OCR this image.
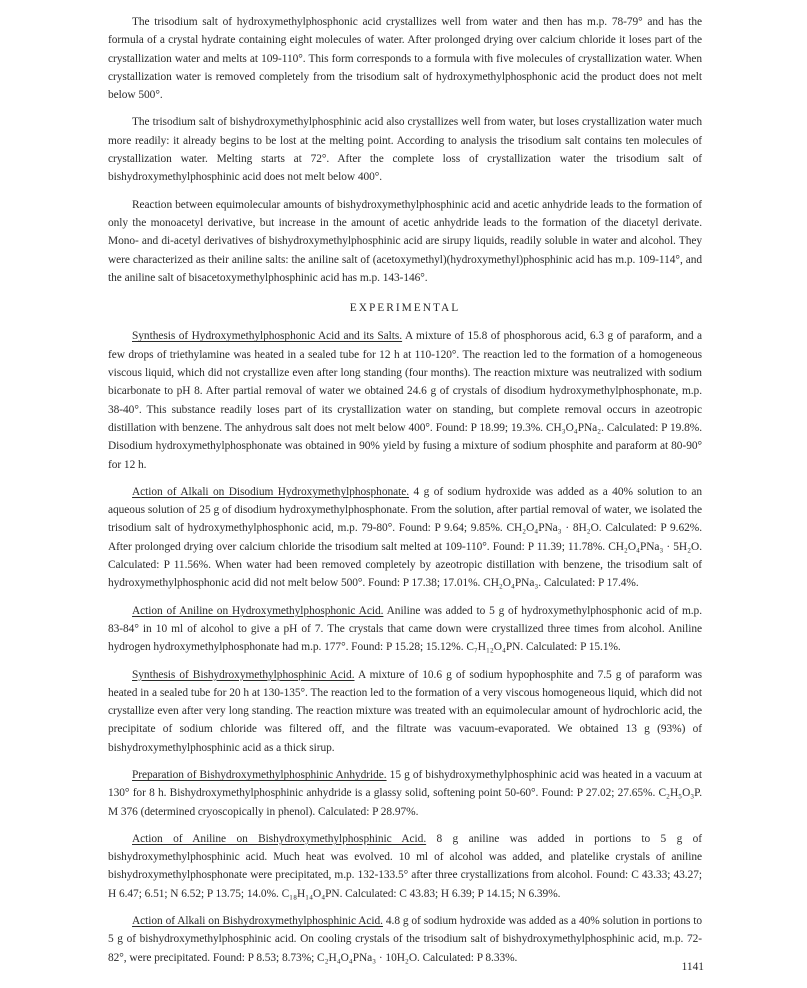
The trisodium salt of hydroxymethylphosphonic acid crystallizes well from water and then has m.p. 78-79° and has the formula of a crystal hydrate containing eight molecules of water. After prolonged drying over calcium chloride it loses part of the crystallization water and melts at 109-110°. This form corresponds to a formula with five molecules of crystallization water. When crystallization water is removed completely from the trisodium salt of hydroxymethylphosphonic acid the product does not melt below 500°.

The trisodium salt of bishydroxymethylphosphinic acid also crystallizes well from water, but loses crystallization water much more readily: it already begins to be lost at the melting point. According to analysis the trisodium salt contains ten molecules of crystallization water. Melting starts at 72°. After the complete loss of crystallization water the trisodium salt of bishydroxymethylphosphinic acid does not melt below 400°.

Reaction between equimolecular amounts of bishydroxymethylphosphinic acid and acetic anhydride leads to the formation of only the monoacetyl derivative, but increase in the amount of acetic anhydride leads to the formation of the diacetyl derivate. Mono- and di-acetyl derivatives of bishydroxymethylphosphinic acid are sirupy liquids, readily soluble in water and alcohol. They were characterized as their aniline salts: the aniline salt of (acetoxymethyl)(hydroxymethyl)phosphinic acid has m.p. 109-114°, and the aniline salt of bisacetoxymethylphosphinic acid has m.p. 143-146°.

EXPERIMENTAL

Synthesis of Hydroxymethylphosphonic Acid and its Salts. A mixture of 15.8 of phosphorous acid, 6.3 g of paraform, and a few drops of triethylamine was heated in a sealed tube for 12 h at 110-120°. The reaction led to the formation of a homogeneous viscous liquid, which did not crystallize even after long standing (four months). The reaction mixture was neutralized with sodium bicarbonate to pH 8. After partial removal of water we obtained 24.6 g of crystals of disodium hydroxymethylphosphonate, m.p. 38-40°. This substance readily loses part of its crystallization water on standing, but complete removal occurs in azeotropic distillation with benzene. The anhydrous salt does not melt below 400°. Found: P 18.99; 19.3%. CH₃O₄PNa₂. Calculated: P 19.8%. Disodium hydroxymethylphosphonate was obtained in 90% yield by fusing a mixture of sodium phosphite and paraform at 80-90° for 12 h.

Action of Alkali on Disodium Hydroxymethylphosphonate. 4 g of sodium hydroxide was added as a 40% solution to an aqueous solution of 25 g of disodium hydroxymethylphosphonate. From the solution, after partial removal of water, we isolated the trisodium salt of hydroxymethylphosphonic acid, m.p. 79-80°. Found: P 9.64; 9.85%. CH₂O₄PNa₃ · 8H₂O. Calculated: P 9.62%. After prolonged drying over calcium chloride the trisodium salt melted at 109-110°. Found: P 11.39; 11.78%. CH₂O₄PNa₃ · 5H₂O. Calculated: P 11.56%. When water had been removed completely by azeotropic distillation with benzene, the trisodium salt of hydroxymethylphosphonic acid did not melt below 500°. Found: P 17.38; 17.01%. CH₂O₄PNa₃. Calculated: P 17.4%.

Action of Aniline on Hydroxymethylphosphonic Acid. Aniline was added to 5 g of hydroxymethylphosphonic acid of m.p. 83-84° in 10 ml of alcohol to give a pH of 7. The crystals that came down were crystallized three times from alcohol. Aniline hydrogen hydroxymethylphosphonate had m.p. 177°. Found: P 15.28; 15.12%. C₇H₁₂O₄PN. Calculated: P 15.1%.

Synthesis of Bishydroxymethylphosphinic Acid. A mixture of 10.6 g of sodium hypophosphite and 7.5 g of paraform was heated in a sealed tube for 20 h at 130-135°. The reaction led to the formation of a very viscous homogeneous liquid, which did not crystallize even after very long standing. The reaction mixture was treated with an equimolecular amount of hydrochloric acid, the precipitate of sodium chloride was filtered off, and the filtrate was vacuum-evaporated. We obtained 13 g (93%) of bishydroxymethylphosphinic acid as a thick sirup.

Preparation of Bishydroxymethylphosphinic Anhydride. 15 g of bishydroxymethylphosphinic acid was heated in a vacuum at 130° for 8 h. Bishydroxymethylphosphinic anhydride is a glassy solid, softening point 50-60°. Found: P 27.02; 27.65%. C₂H₅O₃P. M 376 (determined cryoscopically in phenol). Calculated: P 28.97%.

Action of Aniline on Bishydroxymethylphosphinic Acid. 8 g aniline was added in portions to 5 g of bishydroxymethylphosphinic acid. Much heat was evolved. 10 ml of alcohol was added, and platelike crystals of aniline bishydroxymethylphosphonate were precipitated, m.p. 132-133.5° after three crystallizations from alcohol. Found: C 43.33; 43.27; H 6.47; 6.51; N 6.52; P 13.75; 14.0%. C₁₈H₁₄O₄PN. Calculated: C 43.83; H 6.39; P 14.15; N 6.39%.

Action of Alkali on Bishydroxymethylphosphinic Acid. 4.8 g of sodium hydroxide was added as a 40% solution in portions to 5 g of bishydroxymethylphosphinic acid. On cooling crystals of the trisodium salt of bishydroxymethylphosphinic acid, m.p. 72-82°, were precipitated. Found: P 8.53; 8.73%; C₂H₄O₄PNa₃ · 10H₂O. Calculated: P 8.33%.

1141
